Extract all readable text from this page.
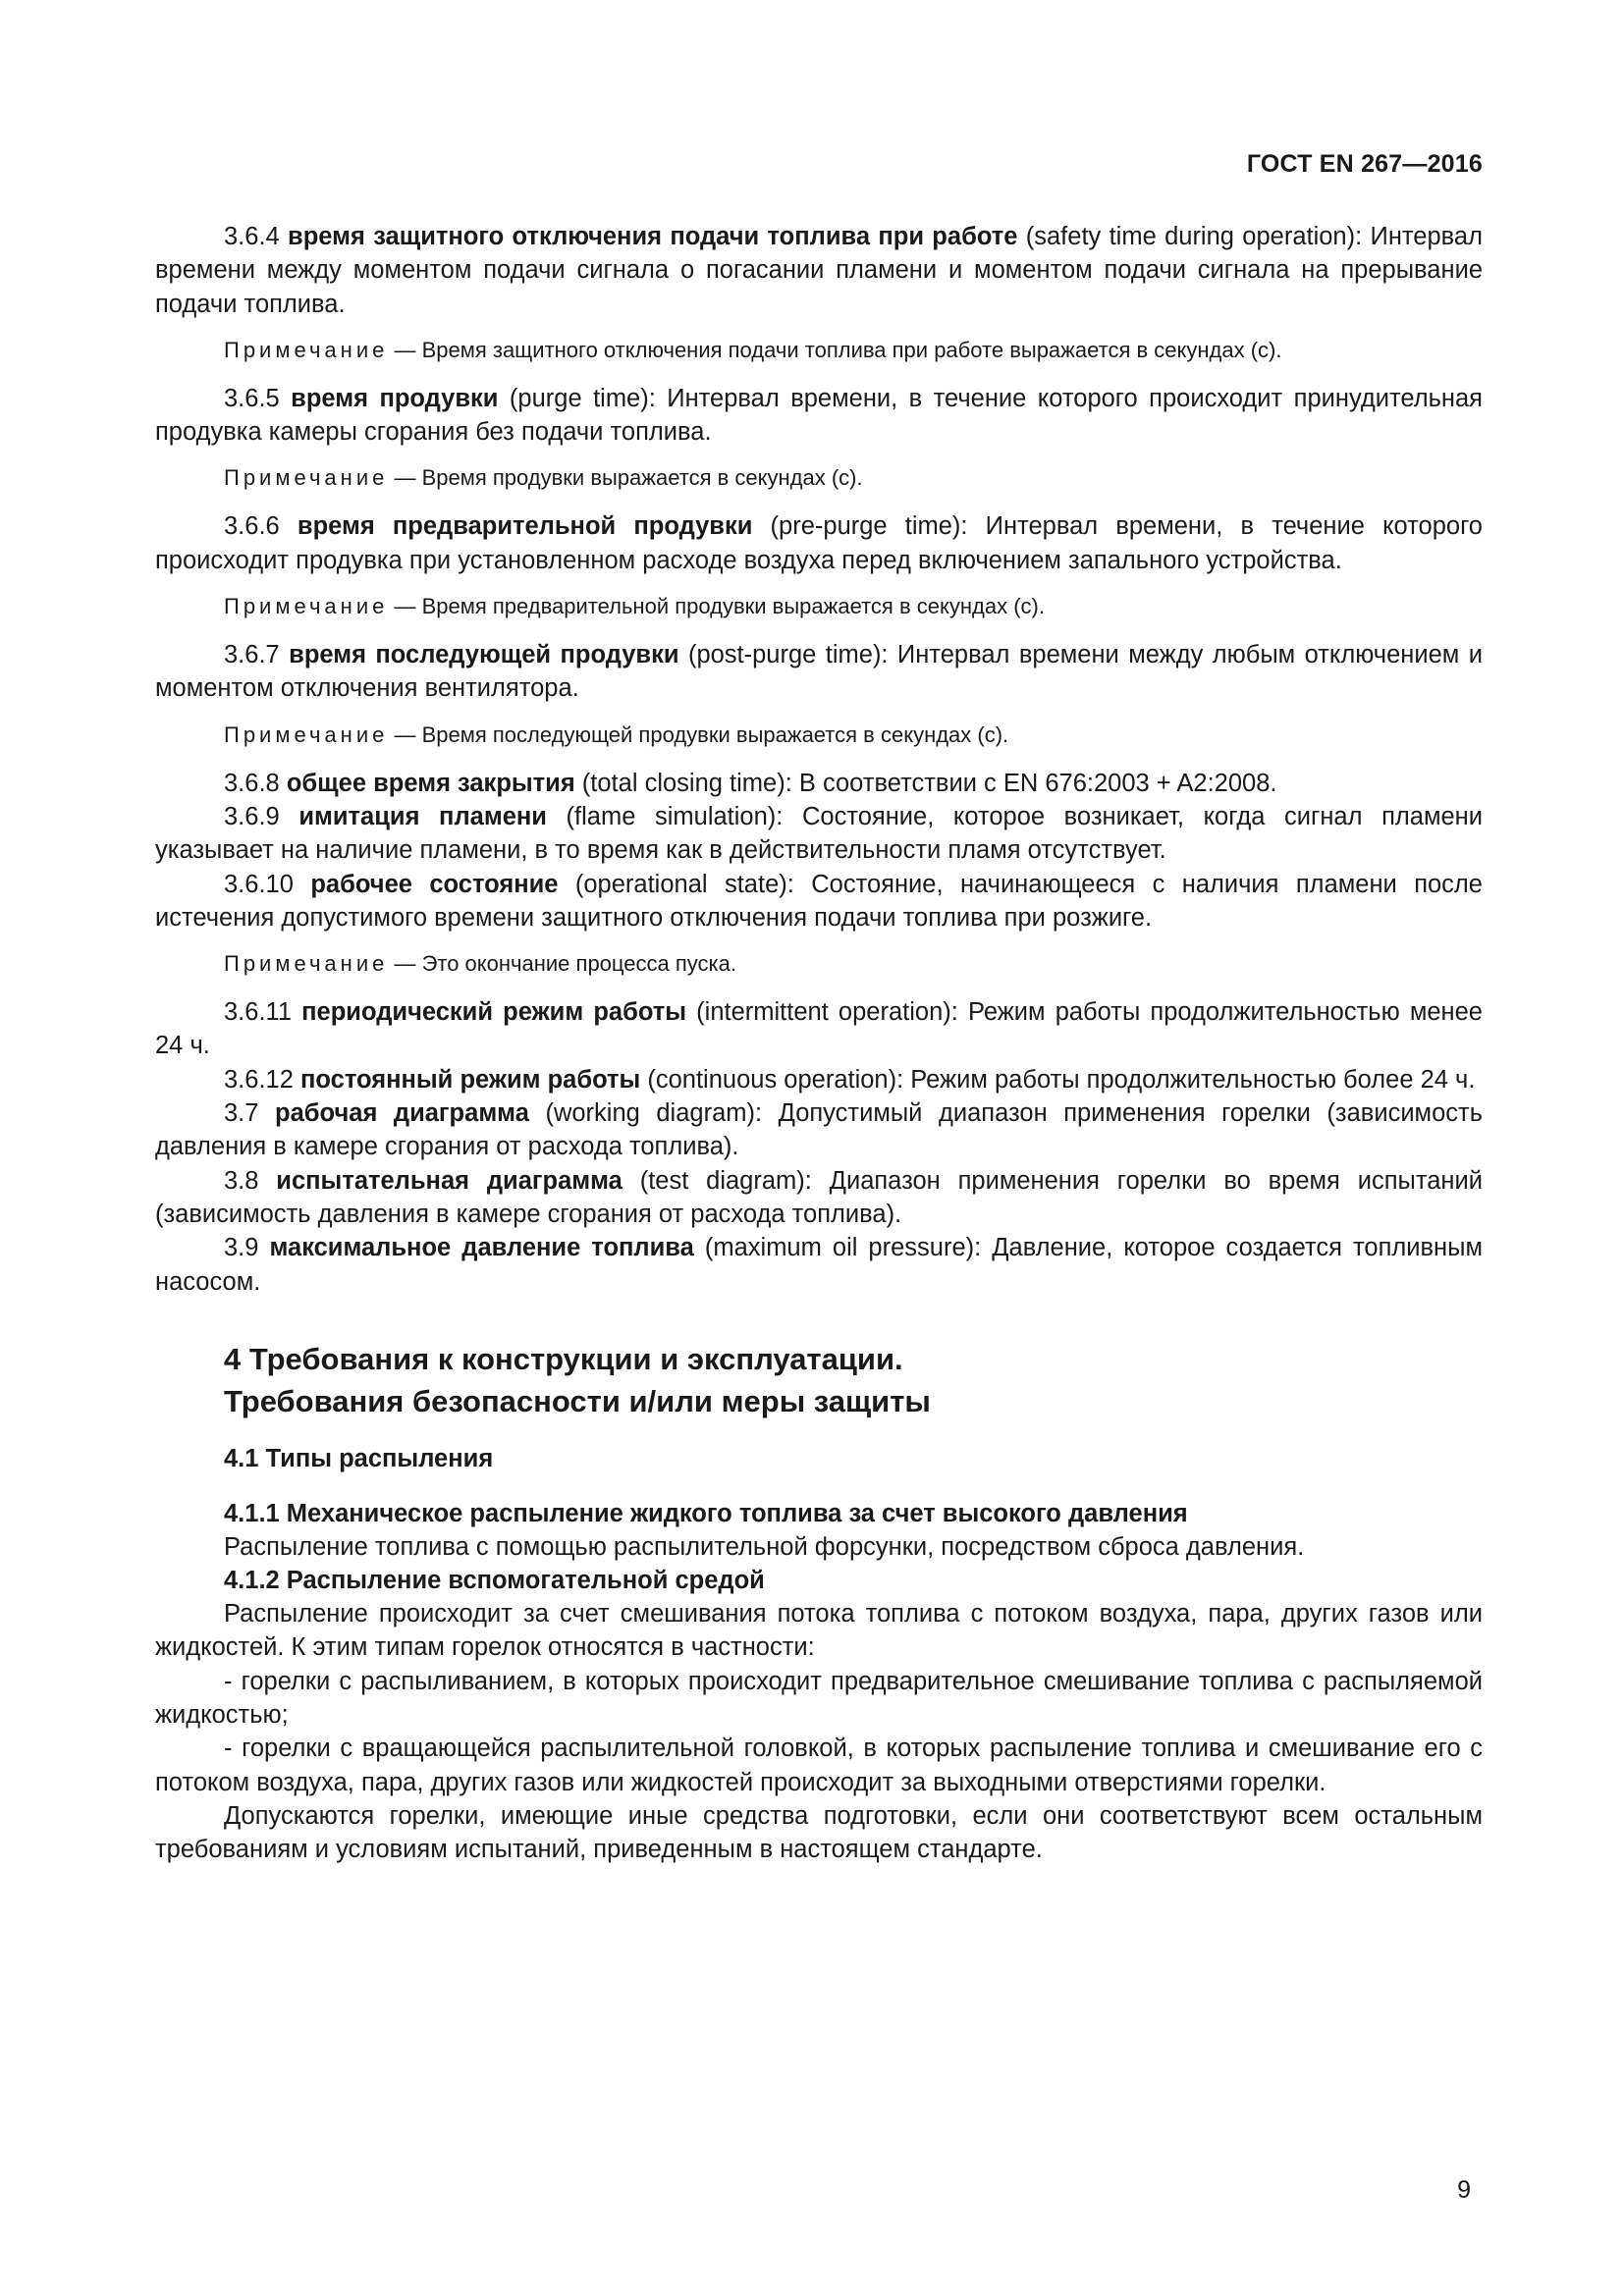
ГОСТ EN 267—2016

3.6.4 время защитного отключения подачи топлива при работе (safety time during operation): Интервал времени между моментом подачи сигнала о погасании пламени и моментом подачи сигнала на прерывание подачи топлива.

Примечание — Время защитного отключения подачи топлива при работе выражается в секундах (с).

3.6.5 время продувки (purge time): Интервал времени, в течение которого происходит принудительная продувка камеры сгорания без подачи топлива.

Примечание — Время продувки выражается в секундах (с).

3.6.6 время предварительной продувки (pre-purge time): Интервал времени, в течение которого происходит продувка при установленном расходе воздуха перед включением запального устройства.

Примечание — Время предварительной продувки выражается в секундах (с).

3.6.7 время последующей продувки (post-purge time): Интервал времени между любым отключением и моментом отключения вентилятора.

Примечание — Время последующей продувки выражается в секундах (с).

3.6.8 общее время закрытия (total closing time): В соответствии с EN 676:2003 + A2:2008.

3.6.9 имитация пламени (flame simulation): Состояние, которое возникает, когда сигнал пламени указывает на наличие пламени, в то время как в действительности пламя отсутствует.

3.6.10 рабочее состояние (operational state): Состояние, начинающееся с наличия пламени после истечения допустимого времени защитного отключения подачи топлива при розжиге.

Примечание — Это окончание процесса пуска.

3.6.11 периодический режим работы (intermittent operation): Режим работы продолжительностью менее 24 ч.

3.6.12 постоянный режим работы (continuous operation): Режим работы продолжительностью более 24 ч.

3.7 рабочая диаграмма (working diagram): Допустимый диапазон применения горелки (зависимость давления в камере сгорания от расхода топлива).

3.8 испытательная диаграмма (test diagram): Диапазон применения горелки во время испытаний (зависимость давления в камере сгорания от расхода топлива).

3.9 максимальное давление топлива (maximum oil pressure): Давление, которое создается топливным насосом.

4 Требования к конструкции и эксплуатации.
Требования безопасности и/или меры защиты
4.1 Типы распыления
4.1.1 Механическое распыление жидкого топлива за счет высокого давления

Распыление топлива с помощью распылительной форсунки, посредством сброса давления.

4.1.2 Распыление вспомогательной средой

Распыление происходит за счет смешивания потока топлива с потоком воздуха, пара, других газов или жидкостей. К этим типам горелок относятся в частности:

- горелки с распыливанием, в которых происходит предварительное смешивание топлива с распыляемой жидкостью;

- горелки с вращающейся распылительной головкой, в которых распыление топлива и смешивание его с потоком воздуха, пара, других газов или жидкостей происходит за выходными отверстиями горелки.

Допускаются горелки, имеющие иные средства подготовки, если они соответствуют всем остальным требованиям и условиям испытаний, приведенным в настоящем стандарте.

9
